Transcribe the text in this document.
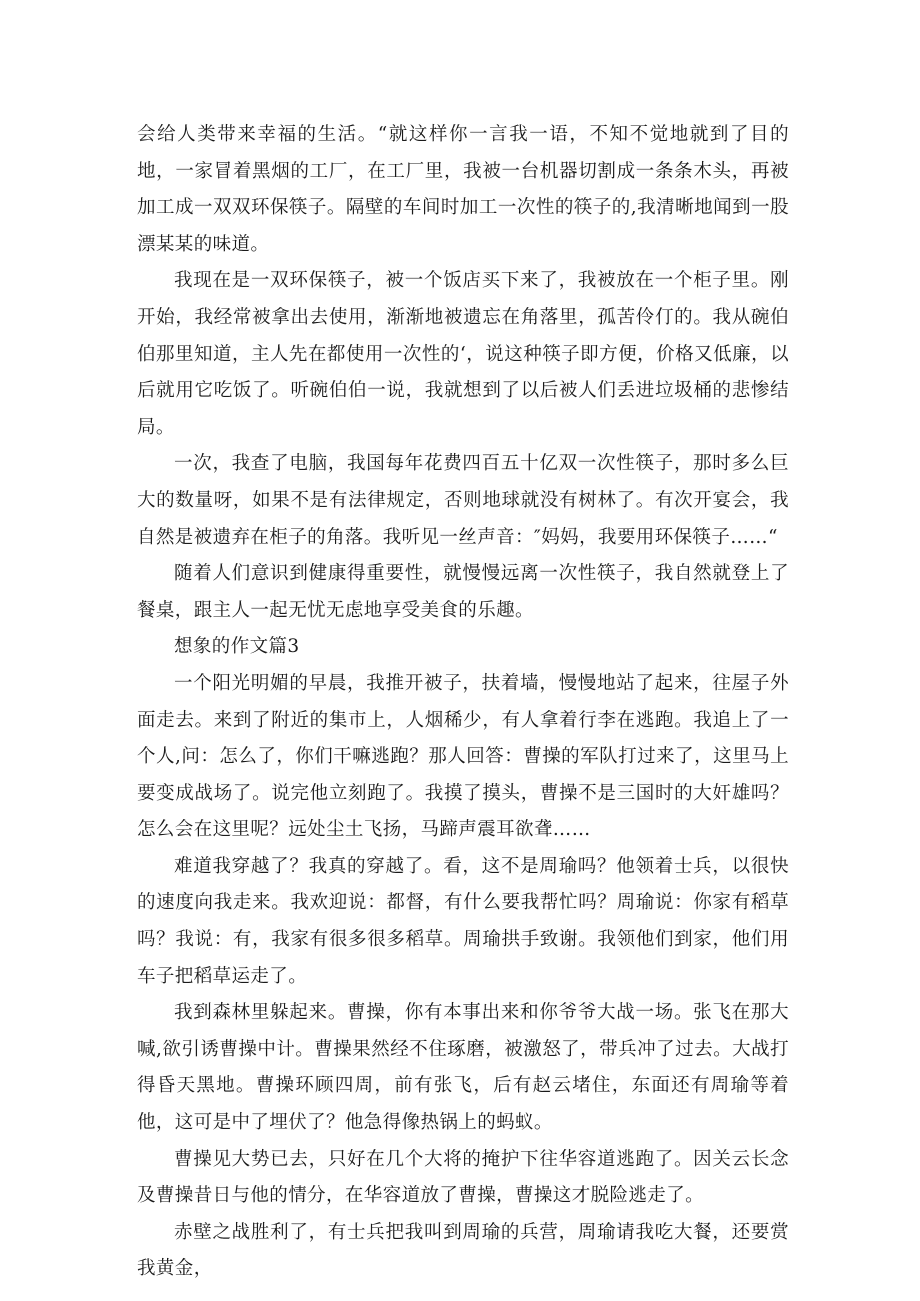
会给人类带来幸福的生活。“就这样你一言我一语，不知不觉地就到了目的地，一家冒着黑烟的工厂，在工厂里，我被一台机器切割成一条条木头，再被加工成一双双环保筷子。隔壁的车间时加工一次性的筷子的,我清晰地闻到一股漂某某的味道。

我现在是一双环保筷子，被一个饭店买下来了，我被放在一个柜子里。刚开始，我经常被拿出去使用，渐渐地被遗忘在角落里，孤苦伶仃的。我从碗伯伯那里知道，主人先在都使用一次性的‘，说这种筷子即方便，价格又低廉，以后就用它吃饭了。听碗伯伯一说，我就想到了以后被人们丢进垃圾桶的悲惨结局。

一次，我查了电脑，我国每年花费四百五十亿双一次性筷子，那时多么巨大的数量呀，如果不是有法律规定，否则地球就没有树林了。有次开宴会，我自然是被遗弃在柜子的角落。我听见一丝声音：″妈妈，我要用环保筷子……“

随着人们意识到健康得重要性，就慢慢远离一次性筷子，我自然就登上了餐桌，跟主人一起无忧无虑地享受美食的乐趣。

想象的作文篇3

一个阳光明媚的早晨，我推开被子，扶着墙，慢慢地站了起来，往屋子外面走去。来到了附近的集市上，人烟稀少，有人拿着行李在逃跑。我追上了一个人,问：怎么了，你们干嘛逃跑？那人回答：曹操的军队打过来了，这里马上要变成战场了。说完他立刻跑了。我摸了摸头，曹操不是三国时的大奸雄吗？怎么会在这里呢？远处尘土飞扬，马蹄声震耳欲聋……

难道我穿越了？我真的穿越了。看，这不是周瑜吗？他领着士兵，以很快的速度向我走来。我欢迎说：都督，有什么要我帮忙吗？周瑜说：你家有稻草吗？我说：有，我家有很多很多稻草。周瑜拱手致谢。我领他们到家，他们用车子把稻草运走了。

我到森林里躲起来。曹操，你有本事出来和你爷爷大战一场。张飞在那大喊,欲引诱曹操中计。曹操果然经不住琢磨，被激怒了，带兵冲了过去。大战打得昏天黑地。曹操环顾四周，前有张飞，后有赵云堵住，东面还有周瑜等着他，这可是中了埋伏了？他急得像热锅上的蚂蚁。

曹操见大势已去，只好在几个大将的掩护下往华容道逃跑了。因关云长念及曹操昔日与他的情分，在华容道放了曹操，曹操这才脱险逃走了。

赤壁之战胜利了，有士兵把我叫到周瑜的兵营，周瑜请我吃大餐，还要赏我黄金，
